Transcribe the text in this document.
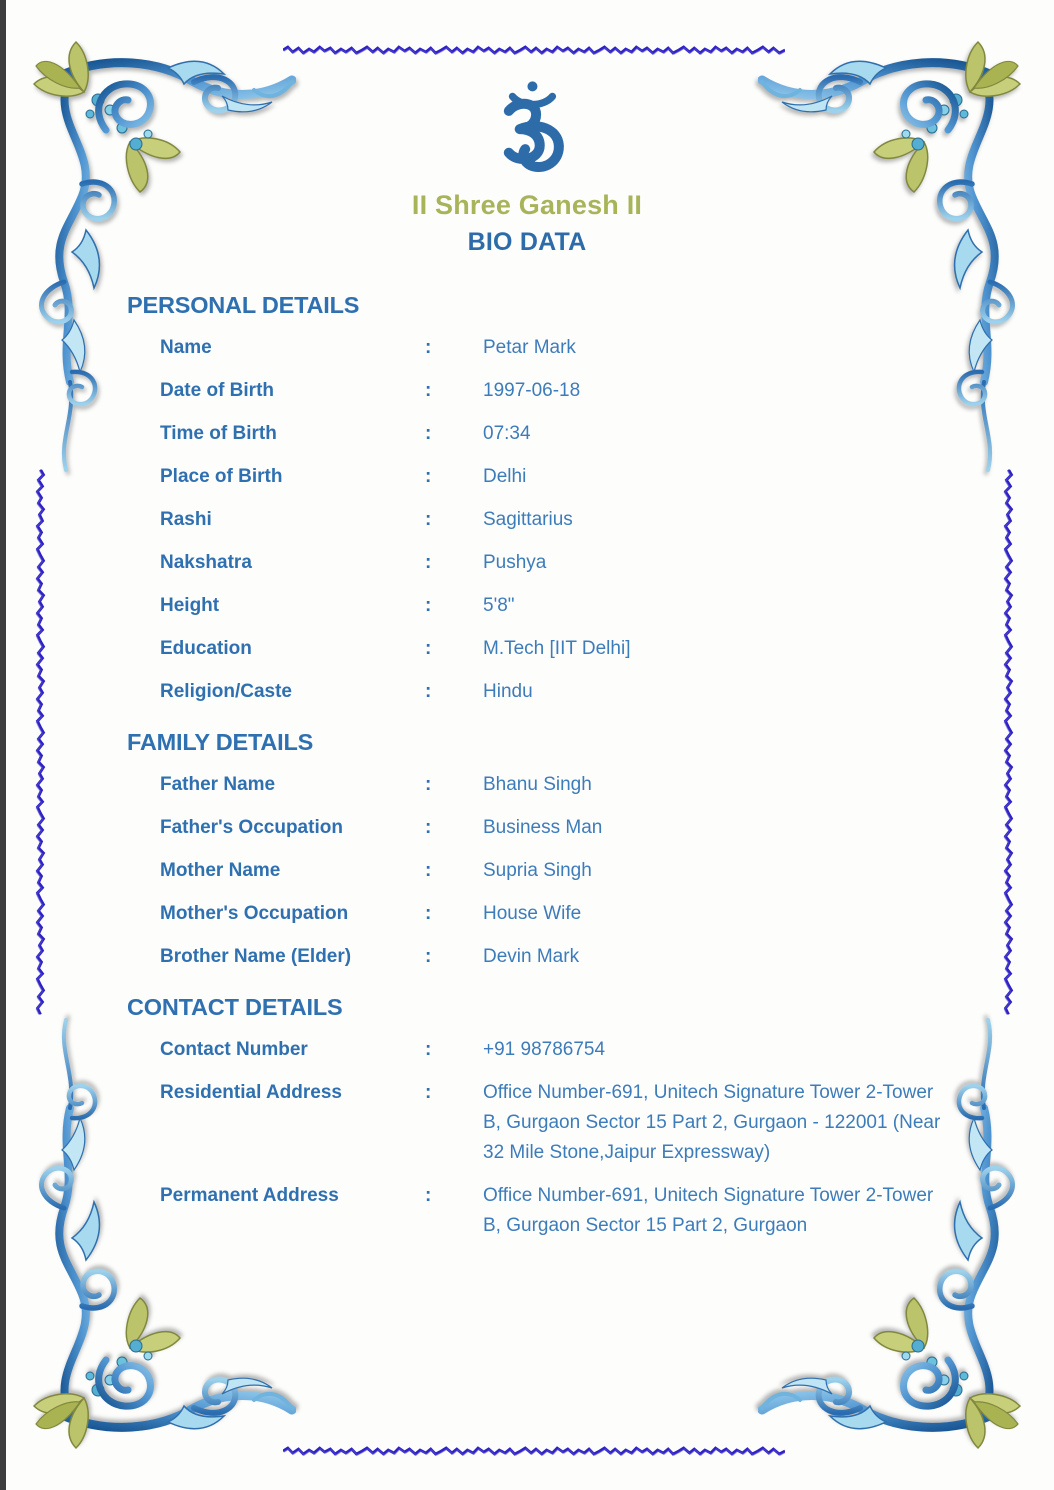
II Shree Ganesh II
BIO DATA
PERSONAL DETAILS
Name	:	Petar Mark
Date of Birth	:	1997-06-18
Time of Birth	:	07:34
Place of Birth	:	Delhi
Rashi	:	Sagittarius
Nakshatra	:	Pushya
Height	:	5'8"
Education	:	M.Tech [IIT Delhi]
Religion/Caste	:	Hindu
FAMILY DETAILS
Father Name	:	Bhanu Singh
Father's Occupation	:	Business Man
Mother Name	:	Supria Singh
Mother's Occupation	:	House Wife
Brother Name (Elder)	:	Devin Mark
CONTACT DETAILS
Contact Number	:	+91 98786754
Residential Address	:	Office Number-691, Unitech Signature Tower 2-Tower B, Gurgaon Sector 15 Part 2, Gurgaon - 122001 (Near 32 Mile Stone,Jaipur Expressway)
Permanent Address	:	Office Number-691, Unitech Signature Tower 2-Tower B, Gurgaon Sector 15 Part 2, Gurgaon
